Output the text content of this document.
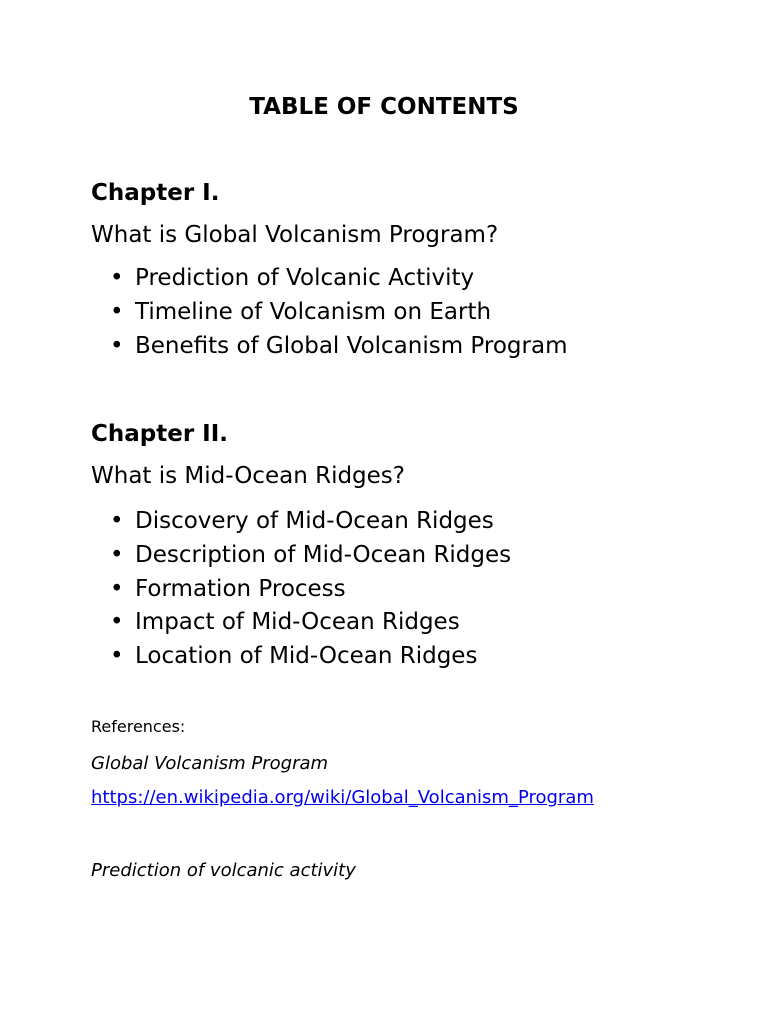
TABLE OF CONTENTS
Chapter I.
What is Global Volcanism Program?
• Prediction of Volcanic Activity
• Timeline of Volcanism on Earth
• Benefits of Global Volcanism Program
Chapter II.
What is Mid-Ocean Ridges?
• Discovery of Mid-Ocean Ridges
• Description of Mid-Ocean Ridges
• Formation Process
• Impact of Mid-Ocean Ridges
• Location of Mid-Ocean Ridges
References:
Global Volcanism Program
https://en.wikipedia.org/wiki/Global_Volcanism_Program
Prediction of volcanic activity
